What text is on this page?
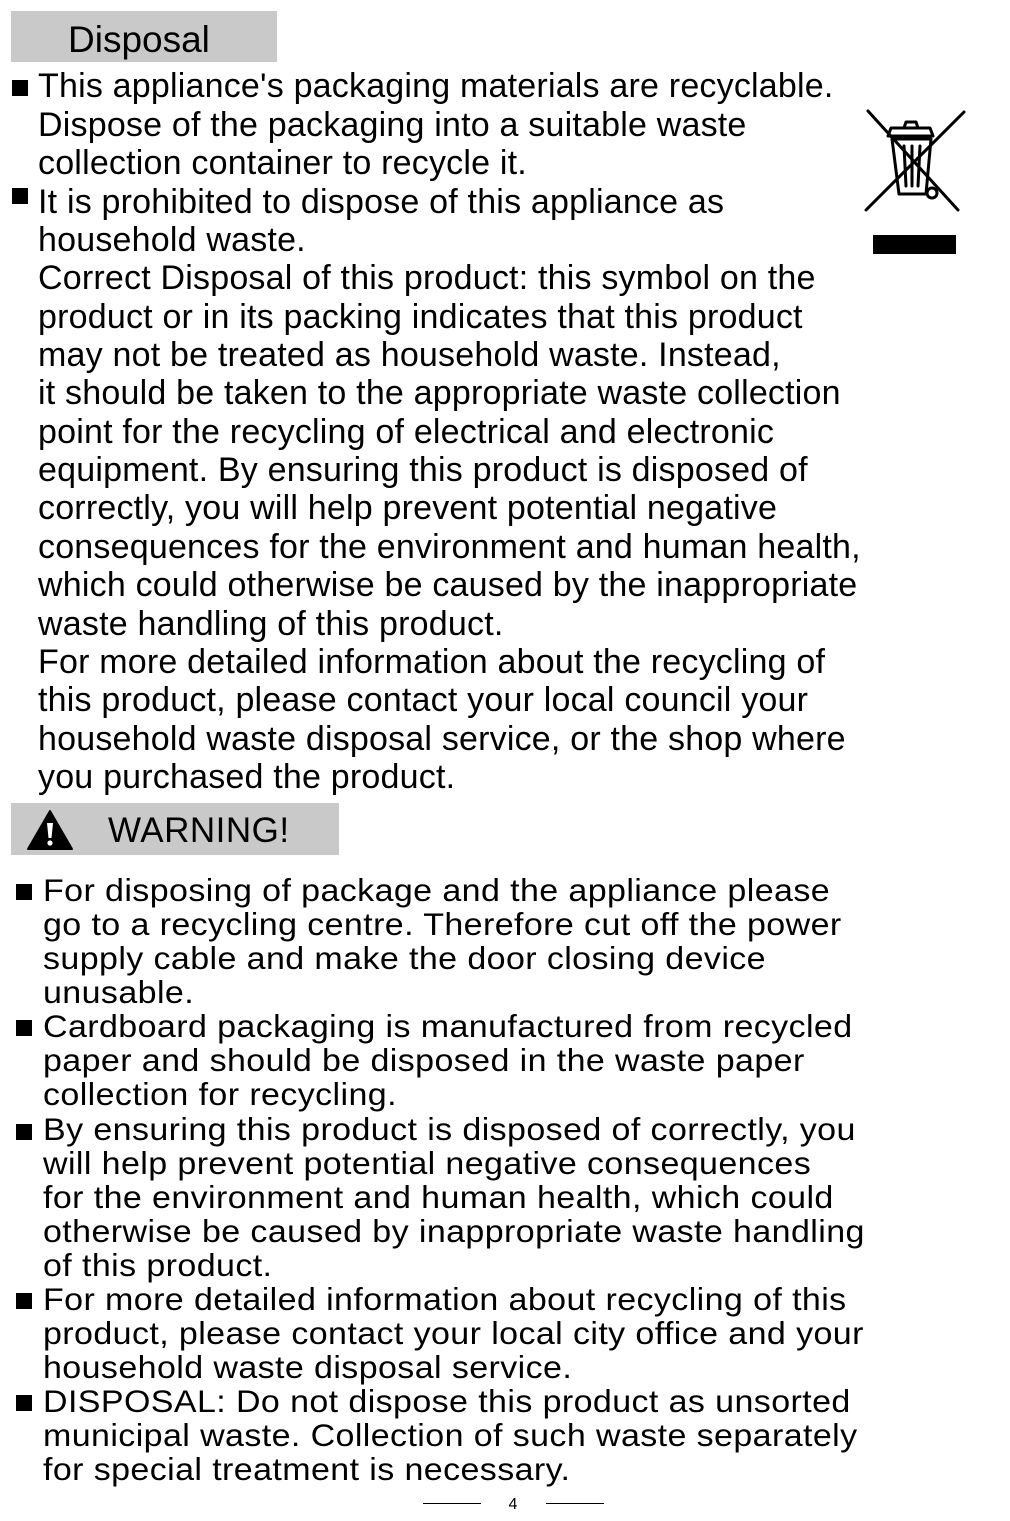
Disposal
This appliance's packaging materials are recyclable.
Dispose of the packaging into a suitable waste
collection container to recycle it.
It is prohibited to dispose of this appliance as
household waste.
Correct Disposal of this product: this symbol on the
product or in its packing indicates that this product
may not be treated as household waste. Instead,
it should be taken to the appropriate waste collection
point for the recycling of electrical and electronic
equipment. By ensuring this product is disposed of
correctly, you will help prevent potential negative
consequences for the environment and human health,
which could otherwise be caused by the inappropriate
waste handling of this product.
For more detailed information about the recycling of
this product, please contact your local council your
household waste disposal service, or the shop where
you purchased the product.
WARNING!
For disposing of package and the appliance please
go to a recycling centre. Therefore cut off the power
supply cable and make the door closing device
unusable.
Cardboard packaging is manufactured from recycled
paper and should be disposed in the waste paper
collection for recycling.
By ensuring this product is disposed of correctly, you
will help prevent potential negative consequences
for the environment and human health, which could
otherwise be caused by inappropriate waste handling
of this product.
For more detailed information about recycling of this
product, please contact your local city office and your
household waste disposal service.
DISPOSAL: Do not dispose this product as unsorted
municipal waste. Collection of such waste separately
for special treatment is necessary.
4
